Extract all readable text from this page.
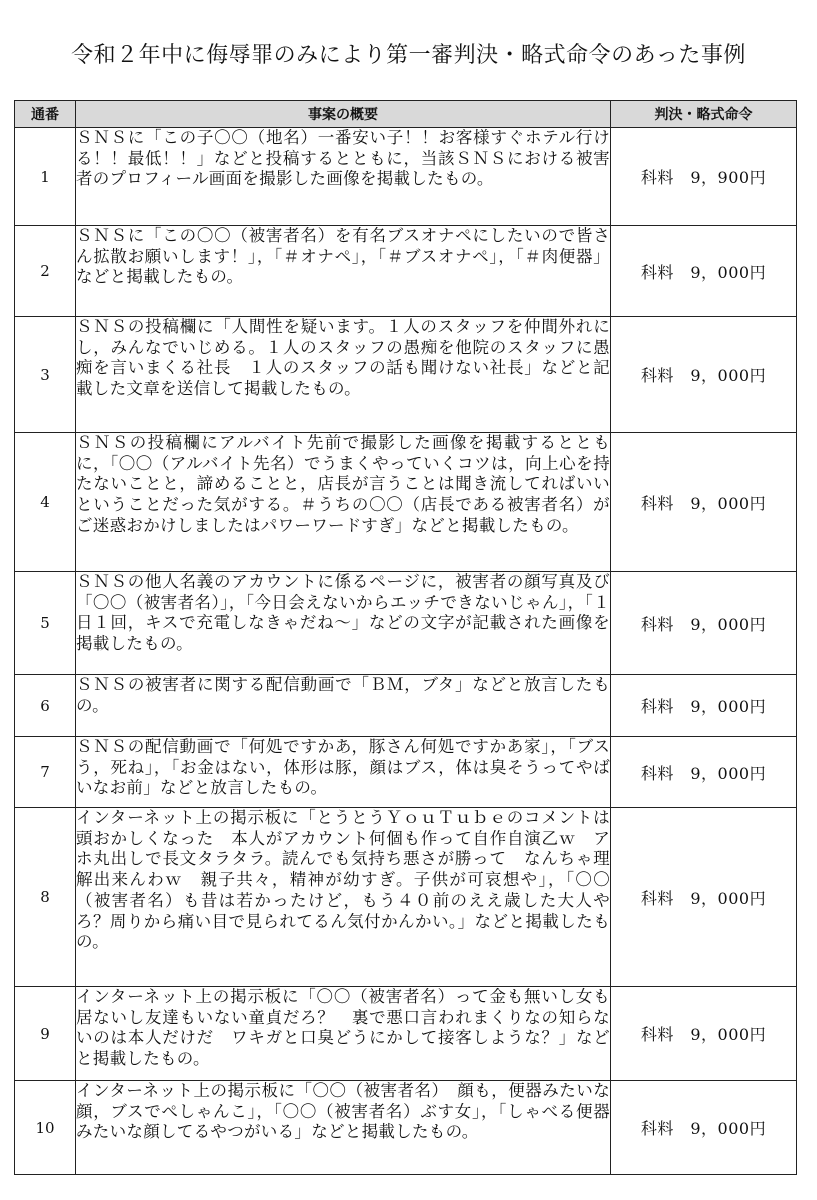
令和２年中に侮辱罪のみにより第一審判決・略式命令のあった事例
通番	事案の概要	判決・略式命令
1	ＳＮＳに「この子〇〇（地名）一番安い子！！お客様すぐホテル行ける！！最低！！」などと投稿するとともに，当該ＳＮＳにおける被害者のプロフィール画面を撮影した画像を掲載したもの。	科料　9，900円
2	ＳＮＳに「この〇〇（被害者名）を有名ブスオナペにしたいので皆さん拡散お願いします！」，「＃オナペ」，「＃ブスオナペ」，「＃肉便器」などと掲載したもの。	科料　9，000円
3	ＳＮＳの投稿欄に「人間性を疑います。１人のスタッフを仲間外れにし，みんなでいじめる。１人のスタッフの愚痴を他院のスタッフに愚痴を言いまくる社長　１人のスタッフの話も聞けない社長」などと記載した文章を送信して掲載したもの。	科料　9，000円
4	ＳＮＳの投稿欄にアルバイト先前で撮影した画像を掲載するとともに，「〇〇（アルバイト先名）でうまくやっていくコツは，向上心を持たないことと，諦めることと，店長が言うことは聞き流してればいいということだった気がする。＃うちの〇〇（店長である被害者名）がご迷惑おかけしましたはパワーワードすぎ」などと掲載したもの。	科料　9，000円
5	ＳＮＳの他人名義のアカウントに係るページに，被害者の顔写真及び「〇〇（被害者名）」，「今日会えないからエッチできないじゃん」，「１日１回，キスで充電しなきゃだね～」などの文字が記載された画像を掲載したもの。	科料　9，000円
6	ＳＮＳの被害者に関する配信動画で「ＢＭ，ブタ」などと放言したもの。	科料　9，000円
7	ＳＮＳの配信動画で「何処ですかあ，豚さん何処ですかあ家」，「ブスう，死ね」，「お金はない，体形は豚，顔はブス，体は臭そうってやばいなお前」などと放言したもの。	科料　9，000円
8	インターネット上の掲示板に「とうとうＹｏｕＴｕｂｅのコメントは頭おかしくなった　本人がアカウント何個も作って自作自演乙ｗ　アホ丸出しで長文タラタラ。読んでも気持ち悪さが勝って　なんちゃ理解出来んわｗ　親子共々，精神が幼すぎ。子供が可哀想や」，「〇〇（被害者名）も昔は若かったけど，もう４０前のええ歳した大人やろ？周りから痛い目で見られてるん気付かんかい。」などと掲載したもの。	科料　9，000円
9	インターネット上の掲示板に「〇〇（被害者名）って金も無いし女も居ないし友達もいない童貞だろ？　裏で悪口言われまくりなの知らないのは本人だけだ　ワキガと口臭どうにかして接客しような？」などと掲載したもの。	科料　9，000円
10	インターネット上の掲示板に「〇〇（被害者名）　顔も，便器みたいな顔，ブスでぺしゃんこ」，「〇〇（被害者名）ぶす女」，「しゃべる便器みたいな顔してるやつがいる」などと掲載したもの。	科料　9，000円
